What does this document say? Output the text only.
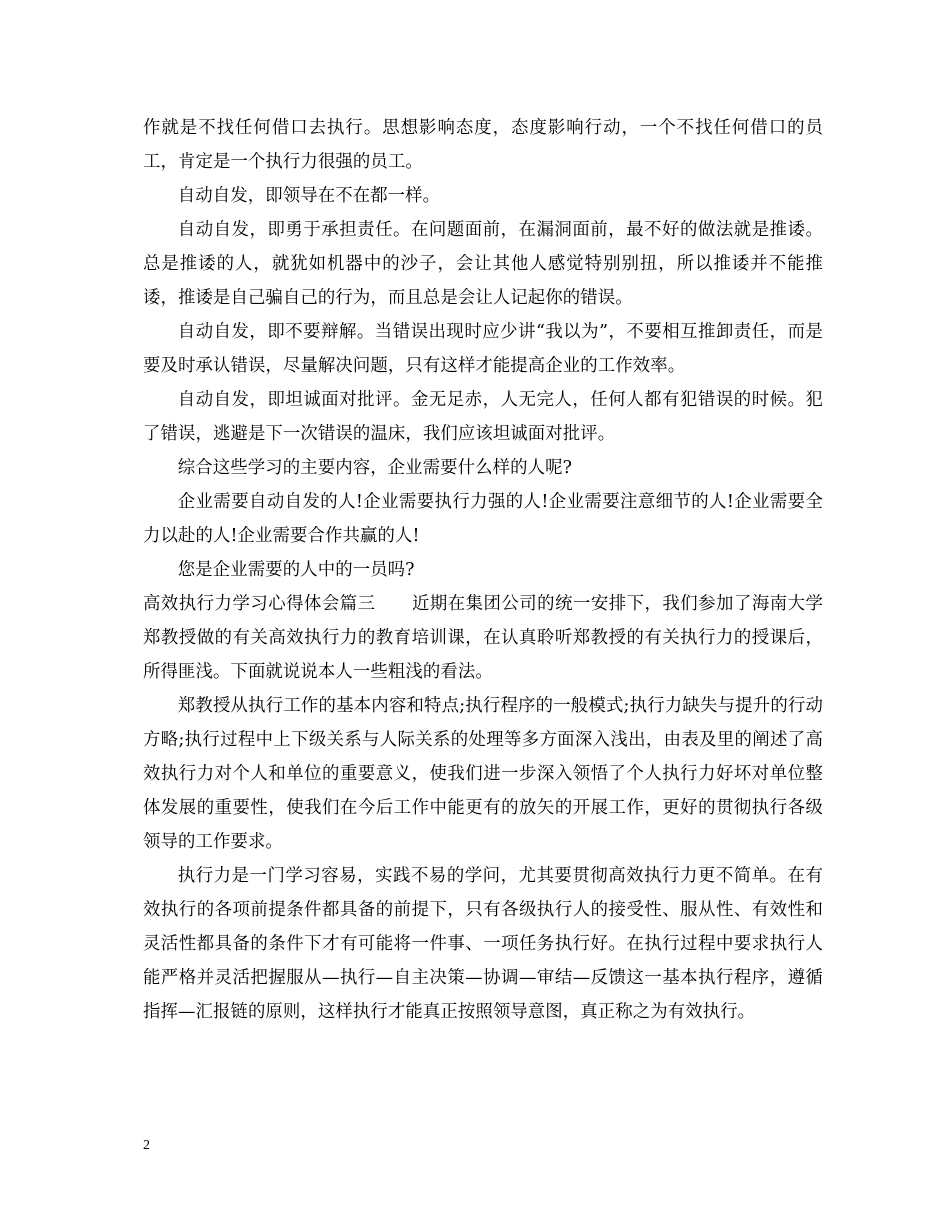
作就是不找任何借口去执行。思想影响态度，态度影响行动，一个不找任何借口的员工，肯定是一个执行力很强的员工。

自动自发，即领导在不在都一样。

自动自发，即勇于承担责任。在问题面前，在漏洞面前，最不好的做法就是推诿。总是推诿的人，就犹如机器中的沙子，会让其他人感觉特别别扭，所以推诿并不能推诿，推诿是自己骗自己的行为，而且总是会让人记起你的错误。

自动自发，即不要辩解。当错误出现时应少讲“我以为”，不要相互推卸责任，而是要及时承认错误，尽量解决问题，只有这样才能提高企业的工作效率。

自动自发，即坦诚面对批评。金无足赤，人无完人，任何人都有犯错误的时候。犯了错误，逃避是下一次错误的温床，我们应该坦诚面对批评。

综合这些学习的主要内容，企业需要什么样的人呢?

企业需要自动自发的人!企业需要执行力强的人!企业需要注意细节的人!企业需要全力以赴的人!企业需要合作共赢的人!

您是企业需要的人中的一员吗?

高效执行力学习心得体会篇三 近期在集团公司的统一安排下，我们参加了海南大学郑教授做的有关高效执行力的教育培训课，在认真聆听郑教授的有关执行力的授课后，所得匪浅。下面就说说本人一些粗浅的看法。

郑教授从执行工作的基本内容和特点;执行程序的一般模式;执行力缺失与提升的行动方略;执行过程中上下级关系与人际关系的处理等多方面深入浅出，由表及里的阐述了高效执行力对个人和单位的重要意义，使我们进一步深入领悟了个人执行力好坏对单位整体发展的重要性，使我们在今后工作中能更有的放矢的开展工作，更好的贯彻执行各级领导的工作要求。

执行力是一门学习容易，实践不易的学问，尤其要贯彻高效执行力更不简单。在有效执行的各项前提条件都具备的前提下，只有各级执行人的接受性、服从性、有效性和灵活性都具备的条件下才有可能将一件事、一项任务执行好。在执行过程中要求执行人能严格并灵活把握服从—执行—自主决策—协调—审结—反馈这一基本执行程序，遵循指挥—汇报链的原则，这样执行才能真正按照领导意图，真正称之为有效执行。

2
